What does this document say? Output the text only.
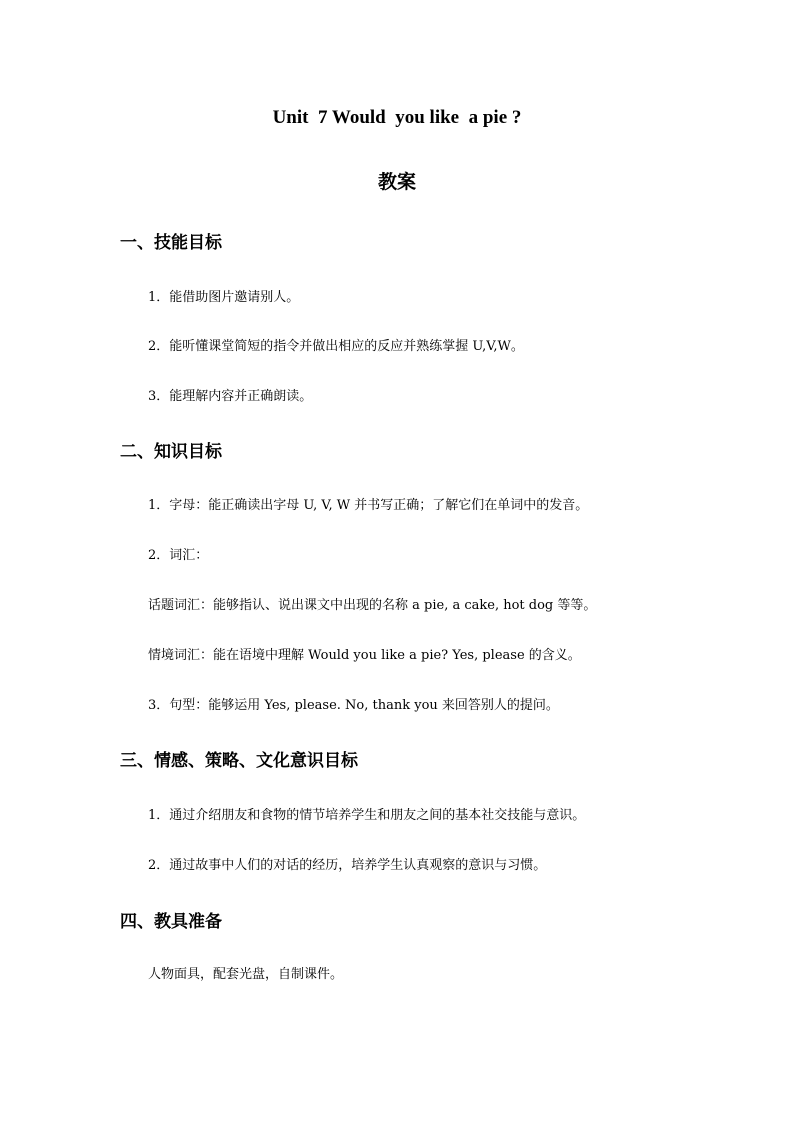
Unit  7 Would  you like  a pie ?
教案
一、技能目标
1．能借助图片邀请别人。
2．能听懂课堂简短的指令并做出相应的反应并熟练掌握 U,V,W。
3．能理解内容并正确朗读。
二、知识目标
1．字母：能正确读出字母 U, V, W 并书写正确；了解它们在单词中的发音。
2．词汇：
话题词汇：能够指认、说出课文中出现的名称 a pie, a cake, hot dog 等等。
情境词汇：能在语境中理解 Would you like a pie? Yes, please 的含义。
3．句型：能够运用 Yes, please. No, thank you 来回答别人的提问。
三、情感、策略、文化意识目标
1．通过介绍朋友和食物的情节培养学生和朋友之间的基本社交技能与意识。
2．通过故事中人们的对话的经历，培养学生认真观察的意识与习惯。
四、教具准备
人物面具，配套光盘，自制课件。
